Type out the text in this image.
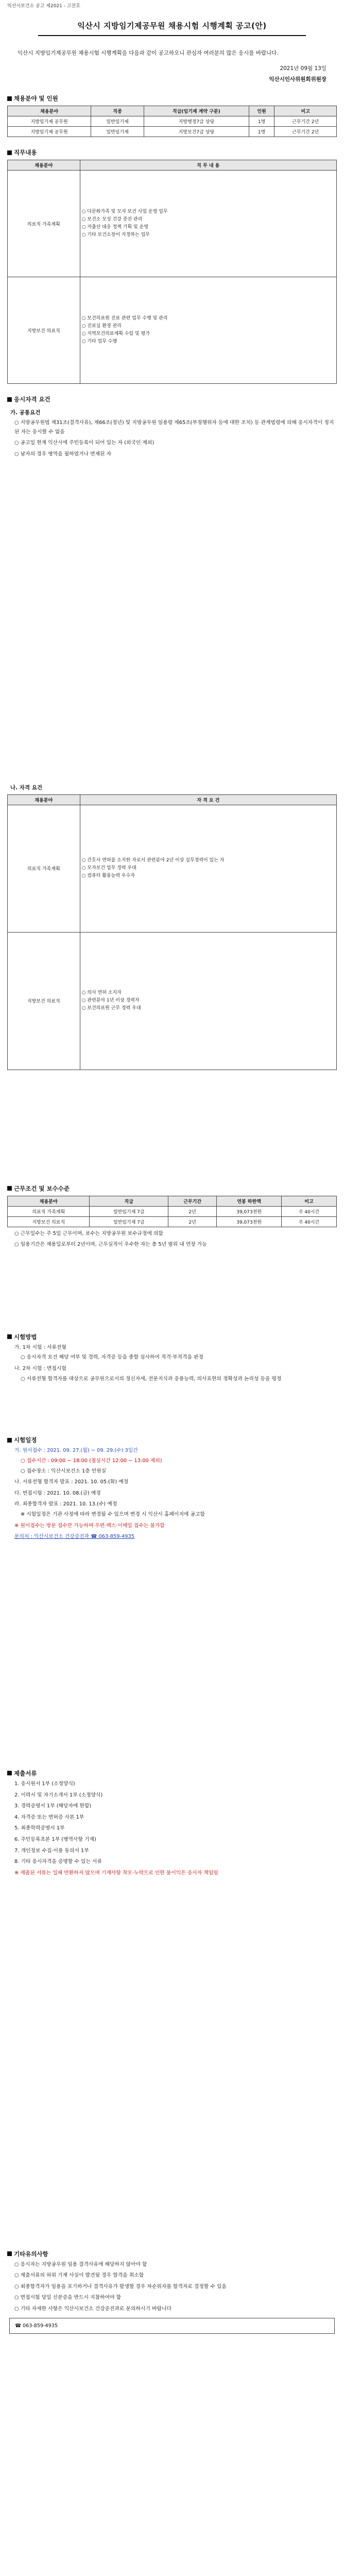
익산시보건소 공고 제2021 - 고잔호
익산시 지방임기제공무원 채용시험 시행계획 공고(안)
익산시 지방임기제공무원 채용시험 시행계획을 다음과 같이 공고하오니 관심자 여러분의 많은 응시를 바랍니다.
2021년 09월 13일
익산시인사위원회위원장
채용분야 및 인원
채용분야	직종	직급(임기제 계약 구분)	인원	비고
지방임기제 공무원	일반임기제	지방행정7급 상당	1명	근무기간 2년
지방임기제 공무원	일반임기제	지방보건7급 상당	1명	근무기간 2년
직무내용
채용분야	직 무 내 용
의료직 가족계획	○ 다문화가족 및 모자 보건 사업 운영 업무
○ 보건소 모성 건강 증진 관리
○ 저출산 대응 정책 기획 및 운영
○ 기타 보건소장이 지정하는 업무
지방보건 의료직	○ 보건의료원 진료 관련 업무 수행 및 관리
○ 진료실 환경 관리
○ 지역보건의료계획 수립 및 평가
○ 기타 업무 수행
응시자격 요건
가. 공통요건
○ 지방공무원법 제31조(결격사유), 제66조(정년) 및 지방공무원 임용령 제65조(부정행위자 등에 대한 조치) 등 관계법령에 의해 응시자격이 정지된 자는 응시할 수 없음
○ 공고일 현재 익산시에 주민등록이 되어 있는 자 (외국인 제외)
○ 남자의 경우 병역을 필하였거나 면제된 자
나. 자격 요건
채용분야	자 격 요 건
의료직 가족계획	○ 간호사 면허를 소지한 자로서 관련분야 2년 이상 실무경력이 있는 자
○ 모자보건 업무 경력 우대
○ 컴퓨터 활용능력 우수자
지방보건 의료직	○ 의사 면허 소지자
○ 관련분야 1년 이상 경력자
○ 보건의료원 근무 경력 우대
근무조건 및 보수수준
채용분야	직급	근무기간	연봉 하한액	비고
의료직 가족계획	일반임기제 7급	2년	39,073천원	주 40시간
지방보건 의료직	일반임기제 7급	2년	39,073천원	주 40시간
○ 근무일수는 주 5일 근무이며, 보수는 지방공무원 보수규정에 의함
○ 임용기간은 채용일로부터 2년이며, 근무실적이 우수한 자는 총 5년 범위 내 연장 가능
시험방법
가. 1차 시험 : 서류전형
○ 응시자격 요건 해당 여부 및 경력, 자격증 등을 종합 심사하여 적격·부적격을 판정
나. 2차 시험 : 면접시험
○ 서류전형 합격자를 대상으로 공무원으로서의 정신자세, 전문지식과 응용능력, 의사표현의 정확성과 논리성 등을 평정
시험일정
가. 원서접수 : 2021. 09. 27.(월) ~ 09. 29.(수) 3일간
○ 접수시간 : 09:00 ~ 18:00 (점심시간 12:00 ~ 13:00 제외)
○ 접수장소 : 익산시보건소 1층 민원실
나. 서류전형 합격자 발표 : 2021. 10. 05.(화) 예정
다. 면접시험 : 2021. 10. 08.(금) 예정
라. 최종합격자 발표 : 2021. 10. 13.(수) 예정
※ 시험일정은 기관 사정에 따라 변경될 수 있으며 변경 시 익산시 홈페이지에 공고함
※ 원서접수는 방문 접수만 가능하며 우편·팩스·이메일 접수는 불가함
문의처 : 익산시보건소 건강증진과 ☎ 063-859-4935
제출서류
1. 응시원서 1부 (소정양식)
2. 이력서 및 자기소개서 1부 (소정양식)
3. 경력증명서 1부 (해당자에 한함)
4. 자격증 또는 면허증 사본 1부
5. 최종학력증명서 1부
6. 주민등록초본 1부 (병역사항 기재)
7. 개인정보 수집·이용 동의서 1부
8. 기타 응시자격을 증명할 수 있는 서류
※ 제출된 서류는 일체 반환하지 않으며 기재사항 착오·누락으로 인한 불이익은 응시자 책임임
기타유의사항
○ 응시자는 지방공무원 임용 결격사유에 해당하지 않아야 함
○ 제출서류의 허위 기재 사실이 발견될 경우 합격을 취소함
○ 최종합격자가 임용을 포기하거나 결격사유가 발생할 경우 차순위자를 합격자로 결정할 수 있음
○ 면접시험 당일 신분증을 반드시 지참하여야 함
○ 기타 자세한 사항은 익산시보건소 건강증진과로 문의하시기 바랍니다
☎ 063-859-4935
